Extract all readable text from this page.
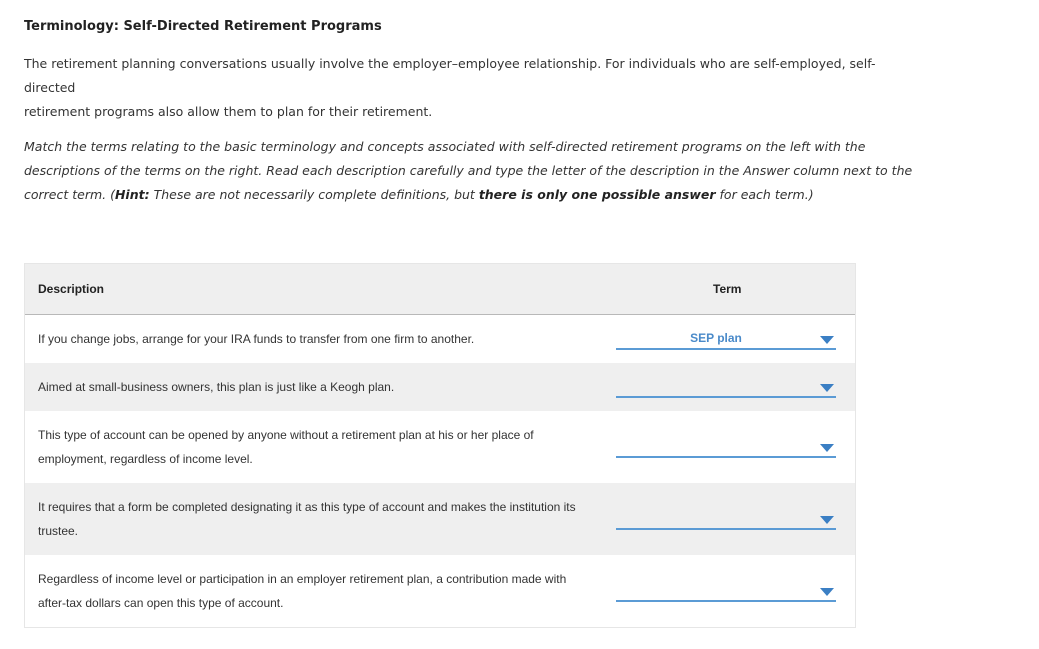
Terminology: Self-Directed Retirement Programs
The retirement planning conversations usually involve the employer–employee relationship. For individuals who are self-employed, self-directed
retirement programs also allow them to plan for their retirement.
Match the terms relating to the basic terminology and concepts associated with self-directed retirement programs on the left with the descriptions of the terms on the right. Read each description carefully and type the letter of the description in the Answer column next to the correct term. (Hint: These are not necessarily complete definitions, but there is only one possible answer for each term.)
Description	Term
If you change jobs, arrange for your IRA funds to transfer from one firm to another.	SEP plan
Aimed at small-business owners, this plan is just like a Keogh plan.
This type of account can be opened by anyone without a retirement plan at his or her place of
employment, regardless of income level.
It requires that a form be completed designating it as this type of account and makes the institution its
trustee.
Regardless of income level or participation in an employer retirement plan, a contribution made with
after-tax dollars can open this type of account.
